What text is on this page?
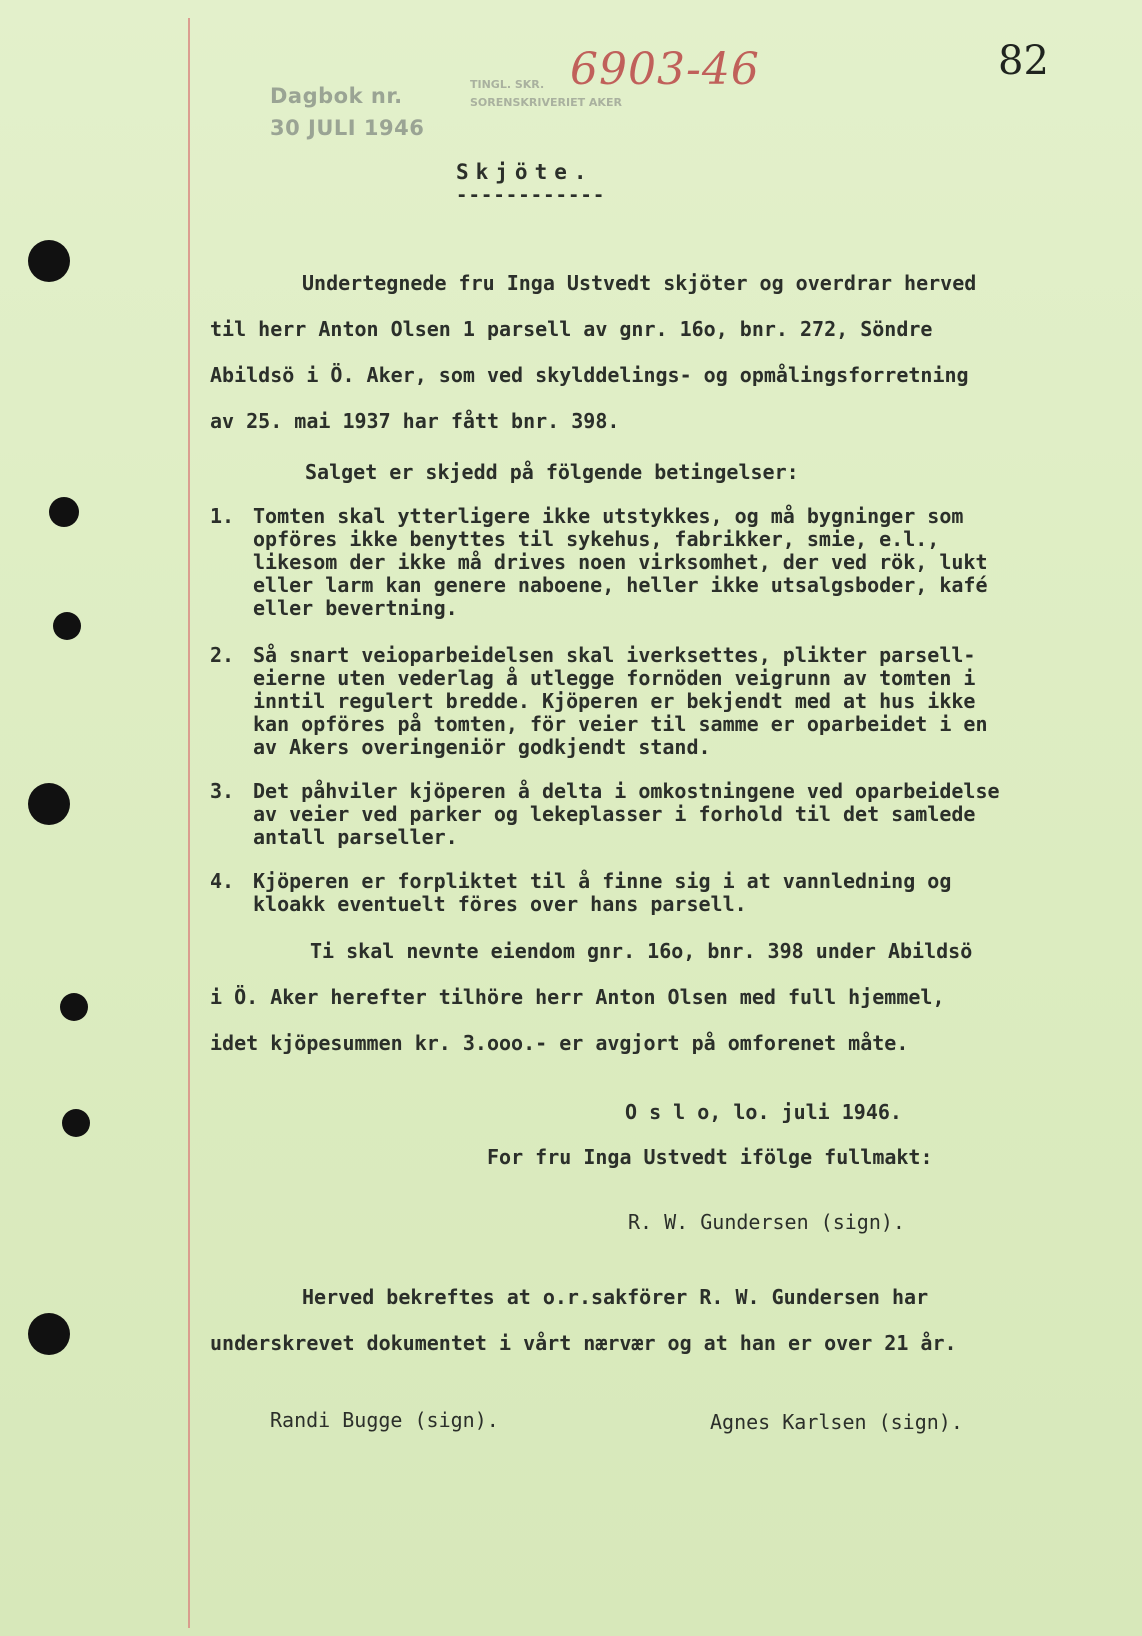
Dagbok nr.
30 JULI 1946
TINGL. SKR.
SORENSKRIVERIET AKER
6903-46	82
Skjöte.
------------

Undertegnede fru Inga Ustvedt skjöter og overdrar herved
til herr Anton Olsen 1 parsell av gnr. 16o, bnr. 272, Söndre
Abildsö i Ö. Aker, som ved skylddelings- og opmålingsforretning
av 25. mai 1937 har fått bnr. 398.

Salget er skjedd på fölgende betingelser:
1. Tomten skal ytterligere ikke utstykkes, og må bygninger som
opföres ikke benyttes til sykehus, fabrikker, smie, e.l.,
likesom der ikke må drives noen virksomhet, der ved rök, lukt
eller larm kan genere naboene, heller ikke utsalgsboder, kafé
eller bevertning.
2. Så snart veioparbeidelsen skal iverksettes, plikter parsell-
eierne uten vederlag å utlegge fornöden veigrunn av tomten i
inntil regulert bredde. Kjöperen er bekjendt med at hus ikke
kan opföres på tomten, för veier til samme er oparbeidet i en
av Akers overingeniör godkjendt stand.
3. Det påhviler kjöperen å delta i omkostningene ved oparbeidelse
av veier ved parker og lekeplasser i forhold til det samlede
antall parseller.
4. Kjöperen er forpliktet til å finne sig i at vannledning og
kloakk eventuelt föres over hans parsell.

Ti skal nevnte eiendom gnr. 16o, bnr. 398 under Abildsö
i Ö. Aker herefter tilhöre herr Anton Olsen med full hjemmel,
idet kjöpesummen kr. 3.ooo.- er avgjort på omforenet måte.

O s l o, lo. juli 1946.
For fru Inga Ustvedt ifölge fullmakt:
R. W. Gundersen (sign).

Herved bekreftes at o.r.sakförer R. W. Gundersen har
underskrevet dokumentet i vårt nærvær og at han er over 21 år.

Randi Bugge (sign).	Agnes Karlsen (sign).
